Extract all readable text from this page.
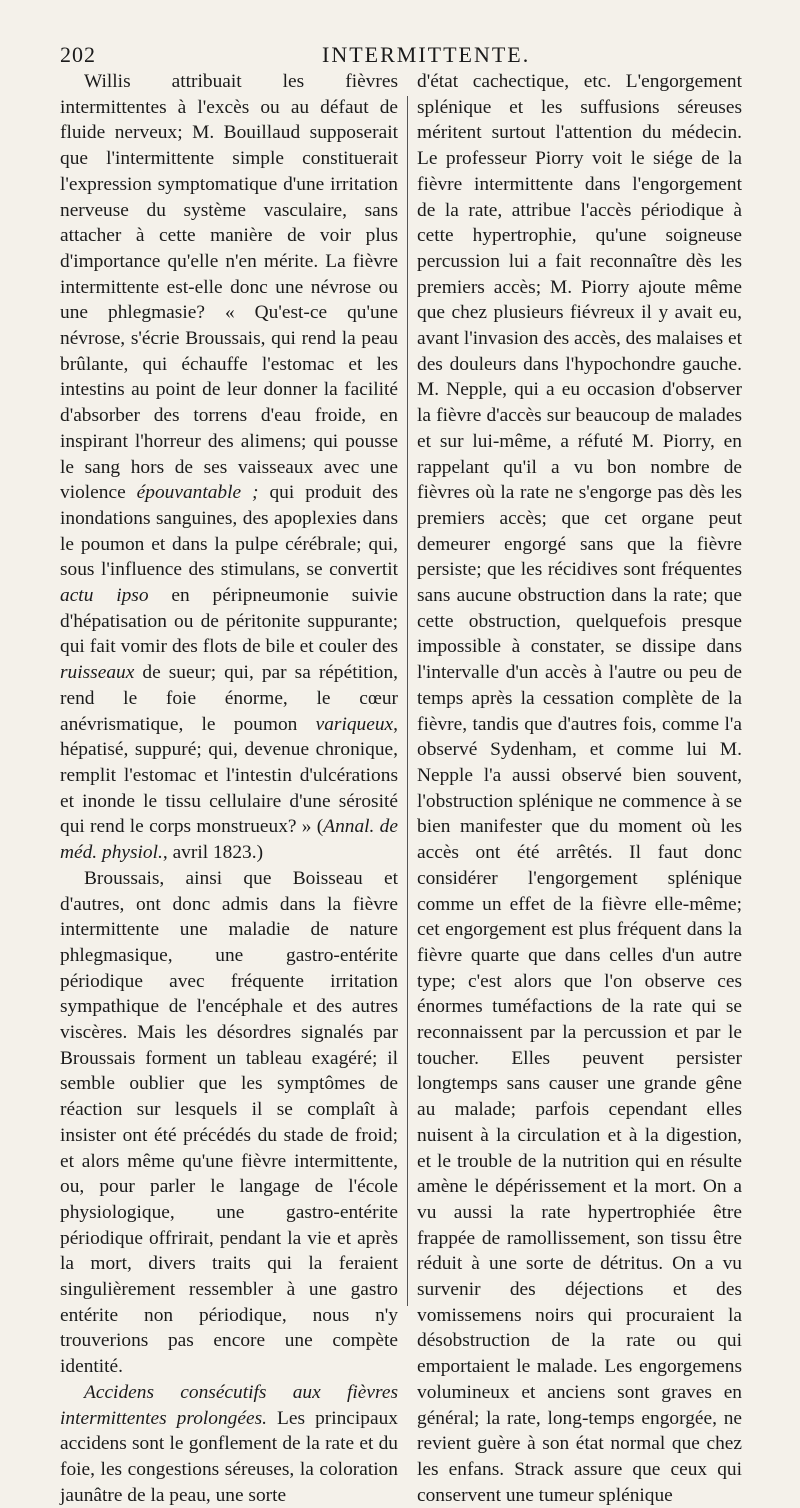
202	INTERMITTENTE.

Willis attribuait les fièvres intermittentes à l'excès ou au défaut de fluide nerveux; M. Bouillaud supposerait que l'intermittente simple constituerait l'expression symptomatique d'une irritation nerveuse du système vasculaire, sans attacher à cette manière de voir plus d'importance qu'elle n'en mérite. La fièvre intermittente est-elle donc une névrose ou une phlegmasie? « Qu'est-ce qu'une névrose, s'écrie Broussais, qui rend la peau brûlante, qui échauffe l'estomac et les intestins au point de leur donner la facilité d'absorber des torrens d'eau froide, en inspirant l'horreur des alimens; qui pousse le sang hors de ses vaisseaux avec une violence épouvantable ; qui produit des inondations sanguines, des apoplexies dans le poumon et dans la pulpe cérébrale; qui, sous l'influence des stimulans, se convertit actu ipso en péripneumonie suivie d'hépatisation ou de péritonite suppurante; qui fait vomir des flots de bile et couler des ruisseaux de sueur; qui, par sa répétition, rend le foie énorme, le cœur anévrismatique, le poumon variqueux, hépatisé, suppuré; qui, devenue chronique, remplit l'estomac et l'intestin d'ulcérations et inonde le tissu cellulaire d'une sérosité qui rend le corps monstrueux? » (Annal. de méd. physiol., avril 1823.)

Broussais, ainsi que Boisseau et d'autres, ont donc admis dans la fièvre intermittente une maladie de nature phlegmasique, une gastro-entérite périodique avec fréquente irritation sympathique de l'encéphale et des autres viscères. Mais les désordres signalés par Broussais forment un tableau exagéré; il semble oublier que les symptômes de réaction sur lesquels il se complaît à insister ont été précédés du stade de froid; et alors même qu'une fièvre intermittente, ou, pour parler le langage de l'école physiologique, une gastro-entérite périodique offrirait, pendant la vie et après la mort, divers traits qui la feraient singulièrement ressembler à une gastro entérite non périodique, nous n'y trouverions pas encore une compète identité.

Accidens consécutifs aux fièvres intermittentes prolongées. Les principaux accidens sont le gonflement de la rate et du foie, les congestions séreuses, la coloration jaunâtre de la peau, une sorte

d'état cachectique, etc. L'engorgement splénique et les suffusions séreuses méritent surtout l'attention du médecin. Le professeur Piorry voit le siége de la fièvre intermittente dans l'engorgement de la rate, attribue l'accès périodique à cette hypertrophie, qu'une soigneuse percussion lui a fait reconnaître dès les premiers accès; M. Piorry ajoute même que chez plusieurs fiévreux il y avait eu, avant l'invasion des accès, des malaises et des douleurs dans l'hypochondre gauche. M. Nepple, qui a eu occasion d'observer la fièvre d'accès sur beaucoup de malades et sur lui-même, a réfuté M. Piorry, en rappelant qu'il a vu bon nombre de fièvres où la rate ne s'engorge pas dès les premiers accès; que cet organe peut demeurer engorgé sans que la fièvre persiste; que les récidives sont fréquentes sans aucune obstruction dans la rate; que cette obstruction, quelquefois presque impossible à constater, se dissipe dans l'intervalle d'un accès à l'autre ou peu de temps après la cessation complète de la fièvre, tandis que d'autres fois, comme l'a observé Sydenham, et comme lui M. Nepple l'a aussi observé bien souvent, l'obstruction splénique ne commence à se bien manifester que du moment où les accès ont été arrêtés. Il faut donc considérer l'engorgement splénique comme un effet de la fièvre elle-même; cet engorgement est plus fréquent dans la fièvre quarte que dans celles d'un autre type; c'est alors que l'on observe ces énormes tuméfactions de la rate qui se reconnaissent par la percussion et par le toucher. Elles peuvent persister longtemps sans causer une grande gêne au malade; parfois cependant elles nuisent à la circulation et à la digestion, et le trouble de la nutrition qui en résulte amène le dépérissement et la mort. On a vu aussi la rate hypertrophiée être frappée de ramollissement, son tissu être réduit à une sorte de détritus. On a vu survenir des déjections et des vomissemens noirs qui procuraient la désobstruction de la rate ou qui emportaient le malade. Les engorgemens volumineux et anciens sont graves en général; la rate, long-temps engorgée, ne revient guère à son état normal que chez les enfans. Strack assure que ceux qui conservent une tumeur splénique
